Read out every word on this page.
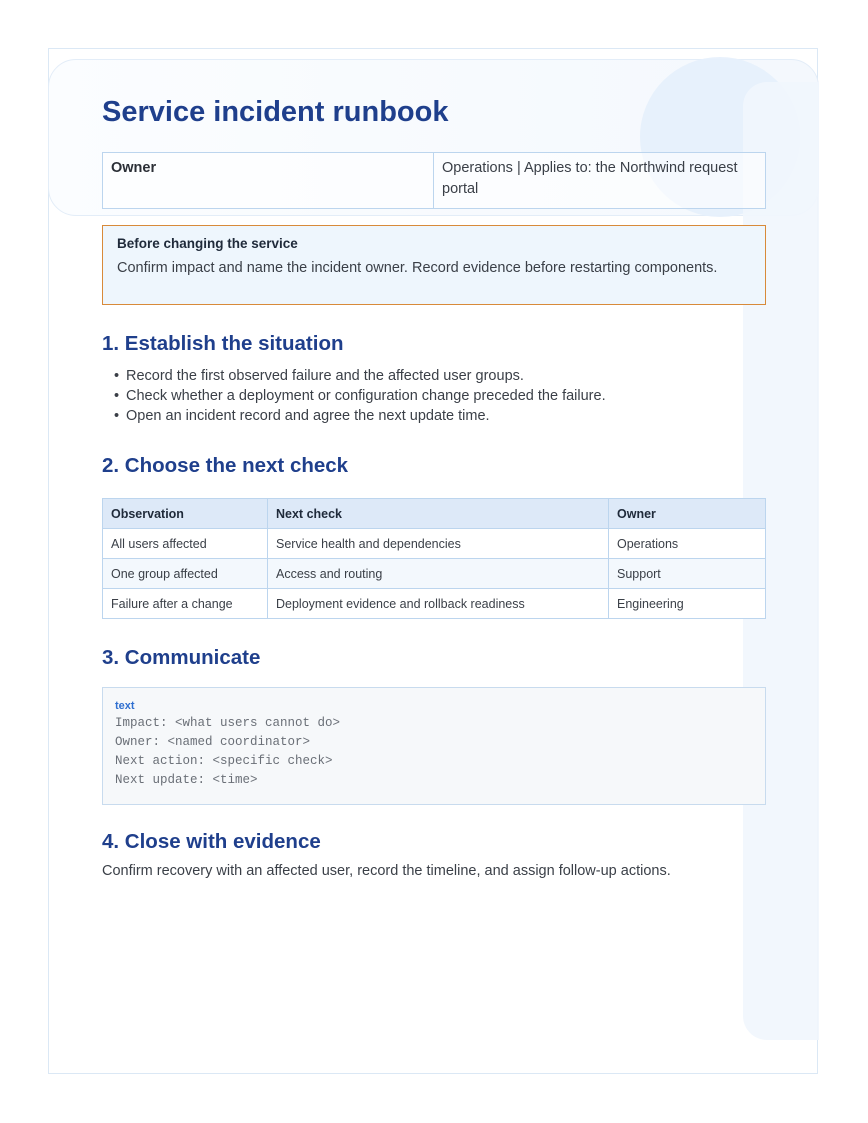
Service incident runbook
Owner	Operations | Applies to: the Northwind request portal
Before changing the service
Confirm impact and name the incident owner. Record evidence before restarting components.
1. Establish the situation
• Record the first observed failure and the affected user groups.
• Check whether a deployment or configuration change preceded the failure.
• Open an incident record and agree the next update time.
2. Choose the next check
Observation	Next check	Owner
All users affected	Service health and dependencies	Operations
One group affected	Access and routing	Support
Failure after a change	Deployment evidence and rollback readiness	Engineering
3. Communicate
text
Impact: <what users cannot do>
Owner: <named coordinator>
Next action: <specific check>
Next update: <time>
4. Close with evidence
Confirm recovery with an affected user, record the timeline, and assign follow-up actions.
